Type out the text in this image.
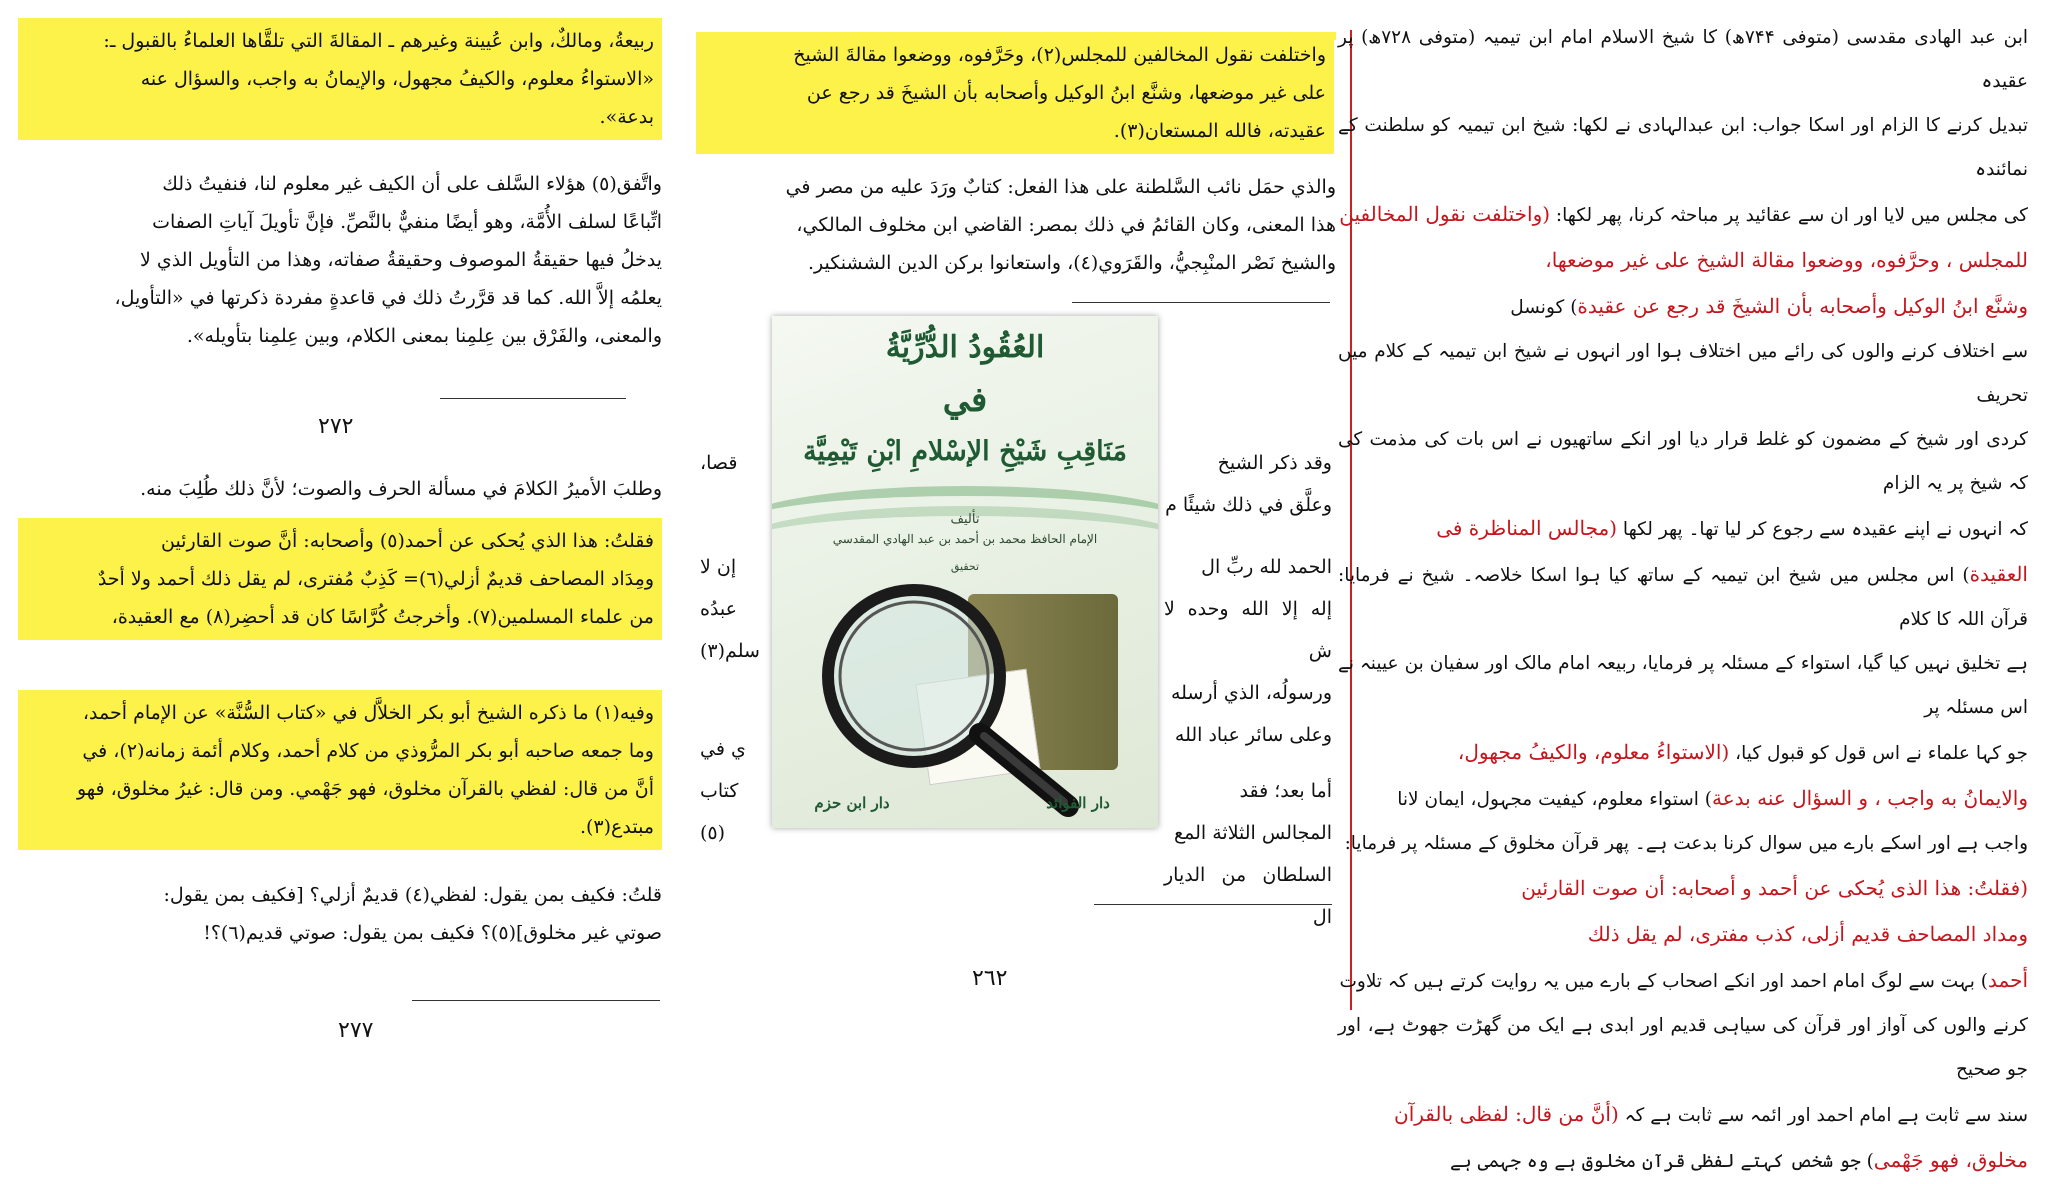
ربيعةُ، ومالكٌ، وابن عُيينة وغيرهم ـ المقالةَ التي تلقَّاها العلماءُ بالقبول ـ:
«الاستواءُ معلوم، والكيفُ مجهول، والإيمانُ به واجب، والسؤال عنه
بدعة».
واتَّفق(٥) هؤلاء السَّلف على أن الكيف غير معلوم لنا، فنفيتُ ذلك
اتِّباعًا لسلف الأُمَّة، وهو أيضًا منفيٌّ بالنَّصِّ. فإنَّ تأويلَ آياتِ الصفات
يدخلُ فيها حقيقةُ الموصوف وحقيقةُ صفاته، وهذا من التأويل الذي لا
يعلمُه إلاَّ الله. كما قد قرَّرتُ ذلك في قاعدةٍ مفردة ذكرتها في «التأويل،
والمعنى، والفَرْق بين عِلمِنا بمعنى الكلام، وبين عِلمِنا بتأويله».
٢٧٢
وطلبَ الأميرُ الكلامَ في مسألة الحرف والصوت؛ لأنَّ ذلك طُلِبَ منه.
فقلتُ: هذا الذي يُحكى عن أحمد(٥) وأصحابه: أنَّ صوت القارئين
ومِدَاد المصاحف قديمٌ أزلي(٦)= كَذِبٌ مُفترى، لم يقل ذلك أحمد ولا أحدٌ
من علماء المسلمين(٧). وأخرجتُ كُرَّاسًا كان قد أحضِر(٨) مع العقيدة،
وفيه(١) ما ذكره الشيخ أبو بكر الخلاَّل في «كتاب السُّنَّة» عن الإمام أحمد،
وما جمعه صاحبه أبو بكر المرُّوذي من كلام أحمد، وكلام أئمة زمانه(٢)، في
أنَّ من قال: لفظي بالقرآن مخلوق، فهو جَهْمي. ومن قال: غيرُ مخلوق، فهو
مبتدع(٣).
قلتُ: فكيف بمن يقول: لفظي(٤) قديمٌ أزلي؟ [فكيف بمن يقول:
صوتي غير مخلوق](٥)؟ فكيف بمن يقول: صوتي قديم(٦)؟!
٢٧٧
واختلفت نقول المخالفين للمجلس(٢)، وحَرَّفوه، ووضعوا مقالةَ الشيخ
على غير موضعها، وشنَّع ابنُ الوكيل وأصحابه بأن الشيخَ قد رجع عن
عقيدته، فالله المستعان(٣).
والذي حمَل نائب السَّلطنة على هذا الفعل: كتابٌ ورَدَ عليه من مصر في
هذا المعنى، وكان القائمُ في ذلك بمصر: القاضي ابن مخلوف المالكي،
والشيخ نَصْر المنْبِجيُّ، والقَرَوي(٤)، واستعانوا بركن الدين الششنكير.
وقد ذكر الشيخ
وعلَّق في ذلك شيئًا م
الحمد لله ربِّ ال
إله إلا الله وحده لا ش
ورسولُه، الذي أرسله
وعلى سائر عباد الله
أما بعد؛ فقد
المجالس الثلاثة المع
السلطان من الديار ال
قصا،
إن لا
عبدُه
سلم(٣)
ي في
كتاب
(٥)
٢٦٢
العُقُودُ الدُّرِّيَّةُ
في
مَنَاقِبِ شَيْخِ الإسْلامِ ابْنِ تَيْمِيَّة
تأليف
الإمام الحافظ محمد بن أحمد بن عبد الهادي المقدسي
تحقيق
دار ابن حزم	دار الفوائد
ابن عبد الهادی مقدسی (متوفی ۷۴۴ھ) کا شیخ الاسلام امام ابن تیمیہ (متوفی ۷۲۸ھ) پر عقیدہ
تبدیل کرنے کا الزام اور اسکا جواب: ابن عبدالہادی نے لکھا: شیخ ابن تیمیہ کو سلطنت کے نمائندہ
کی مجلس میں لایا اور ان سے عقائید پر مباحثہ کرنا، پھر لکھا: (واختلفت نقول المخالفين
للمجلس ، وحرَّفوه، ووضعوا مقالة الشيخ على غير موضعها،
وشنَّع ابنُ الوكيل وأصحابه بأن الشيخَ قد رجع عن عقيدة) کونسل
سے اختلاف کرنے والوں کی رائے میں اختلاف ہوا اور انہوں نے شیخ ابن تیمیہ کے کلام میں تحریف
کردی اور شیخ کے مضمون کو غلط قرار دیا اور انکے ساتھیوں نے اس بات کی مذمت کی کہ شیخ پر یہ الزام
کہ انہوں نے اپنے عقیدہ سے رجوع کر لیا تھا۔ پھر لکھا (مجالس المناظرة فى
العقيدة) اس مجلس میں شیخ ابن تیمیہ کے ساتھ کیا ہوا اسکا خلاصہ۔ شیخ نے فرمایا: قرآن اللہ کا کلام
ہے تخلیق نہیں کیا گیا، استواء کے مسئلہ پر فرمایا، ربیعہ امام مالک اور سفیان بن عیینہ نے اس مسئلہ پر
جو کہا علماء نے اس قول کو قبول کیا، (الاستواءُ معلوم، والكيفُ مجهول،
والايمانُ به واجب ، و السؤال عنه بدعة) استواء معلوم، کیفیت مجہول، ایمان لانا
واجب ہے اور اسکے بارے میں سوال کرنا بدعت ہے۔ پھر قرآن مخلوق کے مسئلہ پر فرمایا:
(فقلتُ: هذا الذى يُحكى عن أحمد و أصحابه: أن صوت القارئين
ومداد المصاحف قديم أزلى، كذب مفترى، لم يقل ذلك
أحمد) بہت سے لوگ امام احمد اور انکے اصحاب کے بارے میں یہ روایت کرتے ہیں کہ تلاوت
کرنے والوں کی آواز اور قرآن کی سیاہی قدیم اور ابدی ہے ایک من گھڑت جھوٹ ہے، اور جو صحیح
سند سے ثابت ہے امام احمد اور ائمہ سے ثابت ہے کہ (أنَّ من قال: لفظى بالقرآن
مخلوق، فهو جَهْمى) جو شخص کہتے لفظی قرآن مخلوق ہے وہ جہمی ہے
